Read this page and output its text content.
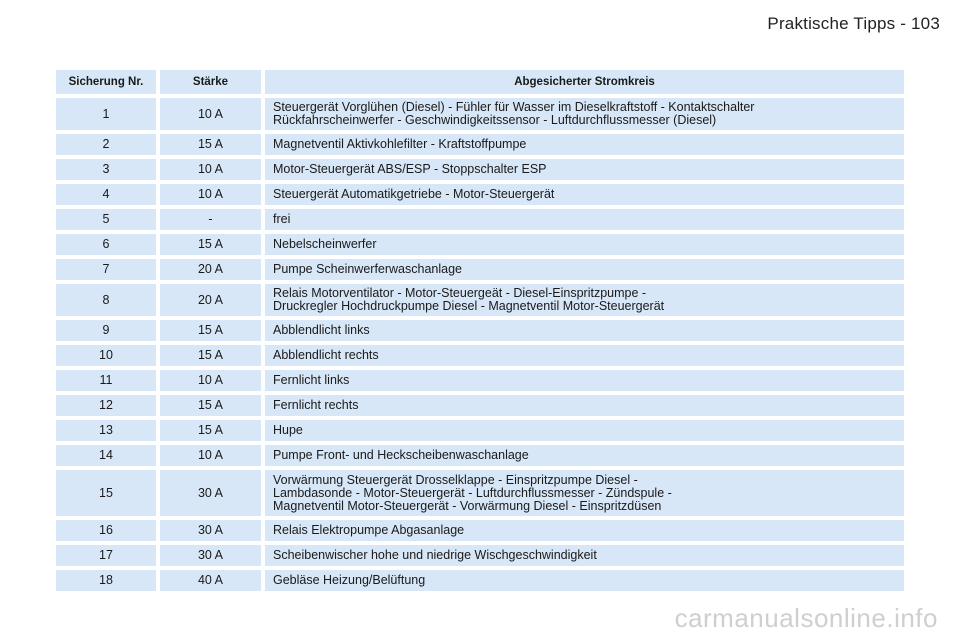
Praktische Tipps - 103
Sicherung Nr.	Stärke	Abgesicherter Stromkreis
1	10 A	Steuergerät Vorglühen (Diesel) - Fühler für Wasser im Dieselkraftstoff - Kontaktschalter
Rückfahrscheinwerfer - Geschwindigkeitssensor - Luftdurchflussmesser (Diesel)

2	15 A	Magnetventil Aktivkohlefilter - Kraftstoffpumpe

3	10 A	Motor-Steuergerät ABS/ESP - Stoppschalter ESP

4	10 A	Steuergerät Automatikgetriebe - Motor-Steuergerät

5	-	frei

6	15 A	Nebelscheinwerfer

7	20 A	Pumpe Scheinwerferwaschanlage

8	20 A	Relais Motorventilator - Motor-Steuergeät - Diesel-Einspritzpumpe -
Druckregler Hochdruckpumpe Diesel - Magnetventil Motor-Steuergerät

9	15 A	Abblendlicht links

10	15 A	Abblendlicht rechts

11	10 A	Fernlicht links

12	15 A	Fernlicht rechts

13	15 A	Hupe

14	10 A	Pumpe Front- und Heckscheibenwaschanlage

15	30 A	Vorwärmung Steuergerät Drosselklappe - Einspritzpumpe Diesel -
Lambdasonde - Motor-Steuergerät - Luftdurchflussmesser - Zündspule -
Magnetventil Motor-Steuergerät - Vorwärmung Diesel - Einspritzdüsen

16	30 A	Relais Elektropumpe Abgasanlage

17	30 A	Scheibenwischer hohe und niedrige Wischgeschwindigkeit

18	40 A	Gebläse Heizung/Belüftung
carmanualsonline.info
